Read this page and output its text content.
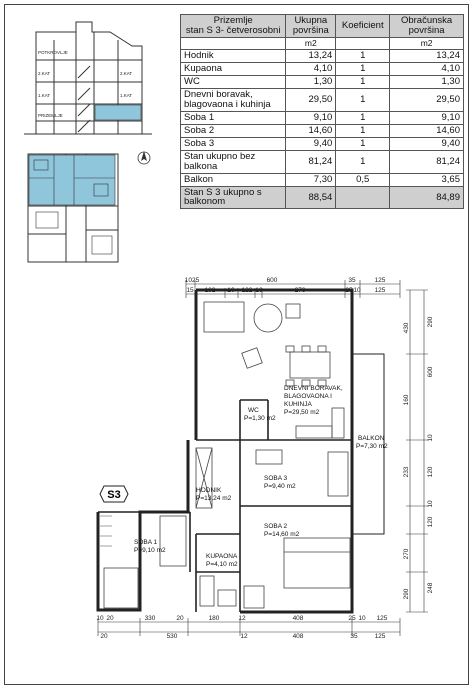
POTKROVLJE
2.KAT
1.KAT
PRIZEMLJE
2.KAT
1.KAT
Prizemlje
stan S 3- četverosobni	Ukupna
površina	Koeficient	Obračunska
površina

	m2		m2
Hodnik	13,24	1	13,24
Kupaona	4,10	1	4,10
WC	1,30	1	1,30
Dnevni boravak, blagovaona i kuhinja	29,50	1	29,50
Soba 1	9,10	1	9,10
Soba 2	14,60	1	14,60
Soba 3	9,40	1	9,40
Stan ukupno bez balkona	81,24	1	81,24
Balkon	7,30	0,5	3,65
Stan S 3 ukupno s balkonom	88,54		84,89
1025	600	35	125
15 182 10 122 10	276	25 10 125
S3
DNEVNI BORAVAK,
BLAGOVAONA I
KUHINJA
P=29,50 m2
WC
P=1,30 m2
BALKON
P=7,30 m2
HODNIK
P=13,24 m2
SOBA 3
P=9,40 m2
SOBA 1
P=9,10 m2
SOBA 2
P=14,60 m2
KUPAONA
P=4,10 m2
430
160
233
270
290
290
600
10
120
10
120
248
10 20	330	20	180	12	408	25 10 125
20	530	12	408	35	125
